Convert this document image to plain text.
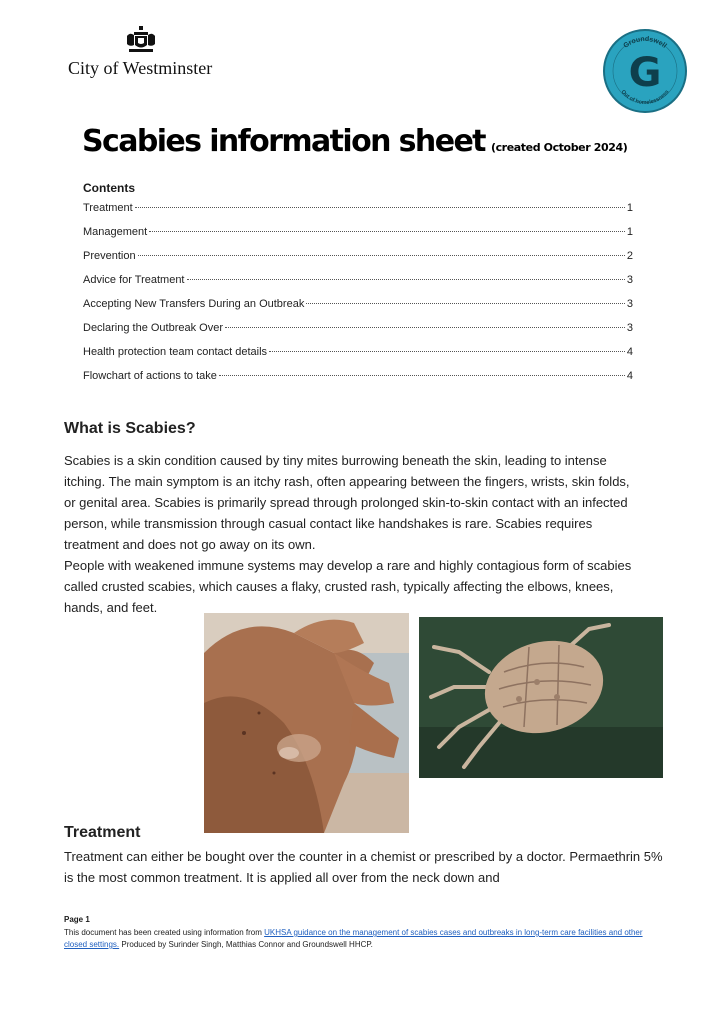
City of Westminster
Groundswell
Out of homelessness
G
Scabies information sheet (created October 2024)
Contents
Treatment	1
Management	1
Prevention	2
Advice for Treatment	3
Accepting New Transfers During an Outbreak	3
Declaring the Outbreak Over	3
Health protection team contact details	4
Flowchart of actions to take	4
What is Scabies?
Scabies is a skin condition caused by tiny mites burrowing beneath the skin, leading to intense itching. The main symptom is an itchy rash, often appearing between the fingers, wrists, skin folds, or genital area. Scabies is primarily spread through prolonged skin-to-skin contact with an infected person, while transmission through casual contact like handshakes is rare. Scabies requires treatment and does not go away on its own.
People with weakened immune systems may develop a rare and highly contagious form of scabies called crusted scabies, which causes a flaky, crusted rash, typically affecting the elbows, knees, hands, and feet.
Treatment
Treatment can either be bought over the counter in a chemist or prescribed by a doctor. Permaethrin 5% is the most common treatment. It is applied all over from the neck down and
Page 1
This document has been created using information from UKHSA guidance on the management of scabies cases and outbreaks in long-term care facilities and other closed settings. Produced by Surinder Singh, Matthias Connor and Groundswell HHCP.
